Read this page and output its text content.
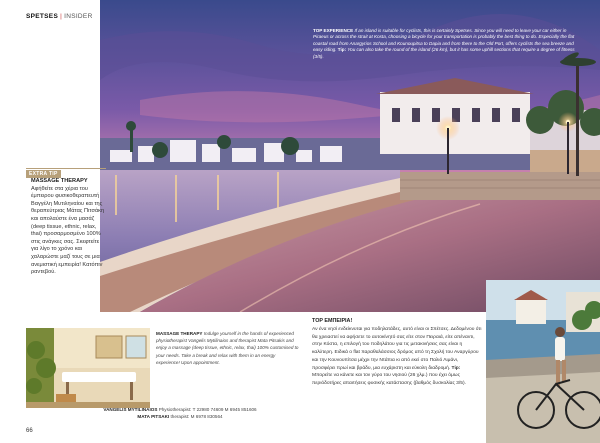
SPETSES | INSIDER
TOP EXPERIENCE If an island is suitable for cyclists, this is certainly Spetses. Since you will need to leave your car either in Piraeus or across the strait at Kosta, choosing a bicycle for your transportation is probably the best thing to do. Especially the flat coastal road from Anargyrios School and Kounoupitsa to Dapia and from there to the Old Port, offers cyclists the sea breeze and easy riding. Tip: You can also take the round of the island (26 km), but it has some uphill sections that require a degree of fitness (3/5).
EXTRA TIP
MASSAGE THERAPY
Αφήθείτε στα χέρια του έμπειρου φυσικοθεραπευτή Βαγγέλη Μυτιληναίου και της θεραπεύτριας Μάτας Πιτσάκη και απολαύστε ένα μασάζ (deep tissue, ethnic, relax, thai) προσαρμοσμένο 100% στις ανάγκες σας. Σκεφτείτε για λίγο το χρόνο και χαλαρώστε μαζί τους σε μια ανεμιστική εμπειρία! Κατόπιν ραντεβού.
MASSAGE THERAPY Indulge yourself in the hands of experienced physiotherapist Vangelis Mytilinaios and therapist Mata Pitsakis and enjoy a massage (deep tissue, ethnic, relax, thai) 100% customised to your needs. Take a break and relax with them in an energy experience! Upon appointment.
VANGELIS MYTILINAIOS Physiotherapist: T 22980 74609 M 6945 851606
MATA PITSAKI therapist: M 6978 830564
TOP ΕΜΠΕΙΡΙΑ!
Αν ένα νησί ενδείκνυται για ποδηλατάδες, αυτό είναι οι Σπέτσες. Δεδομένου ότι θα χρειαστεί να αφήσετε το αυτοκίνητό σας είτε στον Πειραιά, είτε απέναντι, στην Κόστα, η επιλογή του ποδηλάτου για τις μετακινήσεις σας είναι η καλύτερη. Ειδικά ο flat παραθαλάσσιος δρόμος από τη Σχολή του Αναργύρου και την Κουνουπίτσα μέχρι την Ντάπια κι από εκεί στο Παλιό Λιμάνι, προσφέρει πρωί και βράδυ, μια ευχάριστη και εύκολη διαδρομή. Tip: Μπορείτε να κάνετε και τον γύρο του νησιού (26 χλμ.) που έχει όμως περιόδοτήρες απαιτήσεις φυσικής κατάστασης (βαθμός δυσκολίας 3/5).
66
